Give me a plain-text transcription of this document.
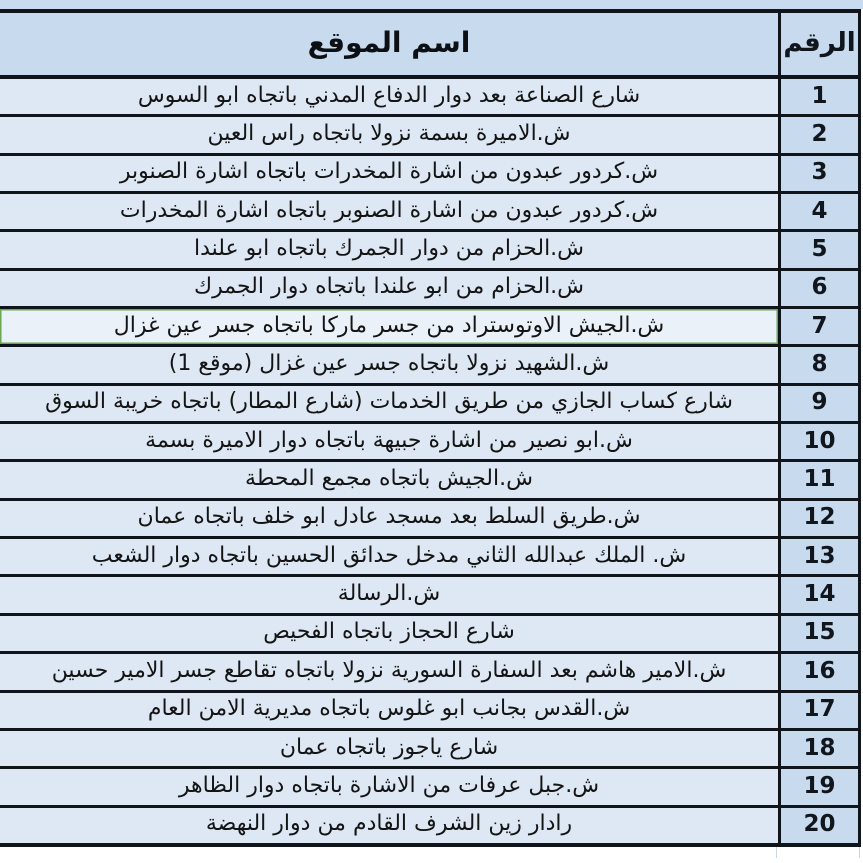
اسم الموقع	الرقم
شارع الصناعة بعد دوار الدفاع المدني باتجاه ابو السوس	1
ش.الاميرة بسمة نزولا باتجاه راس العين	2
ش.كردور عبدون من اشارة المخدرات باتجاه اشارة الصنوبر	3
ش.كردور عبدون من اشارة الصنوبر باتجاه اشارة المخدرات	4
ش.الحزام من دوار الجمرك باتجاه ابو علندا	5
ش.الحزام من ابو علندا باتجاه دوار الجمرك	6
ش.الجيش الاوتوستراد من جسر ماركا باتجاه جسر عين غزال	7
ش.الشهيد نزولا باتجاه جسر عين غزال (موقع 1)	8
شارع كساب الجازي من طريق الخدمات (شارع المطار) باتجاه خريبة السوق	9
ش.ابو نصير من اشارة جبيهة باتجاه دوار الاميرة بسمة	10
ش.الجيش باتجاه مجمع المحطة	11
ش.طريق السلط بعد مسجد عادل ابو خلف باتجاه عمان	12
ش. الملك عبدالله الثاني مدخل حدائق الحسين باتجاه دوار الشعب	13
ش.الرسالة	14
شارع الحجاز باتجاه الفحيص	15
ش.الامير هاشم بعد السفارة السورية نزولا باتجاه تقاطع جسر الامير حسين	16
ش.القدس بجانب ابو غلوس باتجاه مديرية الامن العام	17
شارع ياجوز باتجاه عمان	18
ش.جبل عرفات من الاشارة باتجاه دوار الظاهر	19
رادار زين الشرف القادم من دوار النهضة	20
